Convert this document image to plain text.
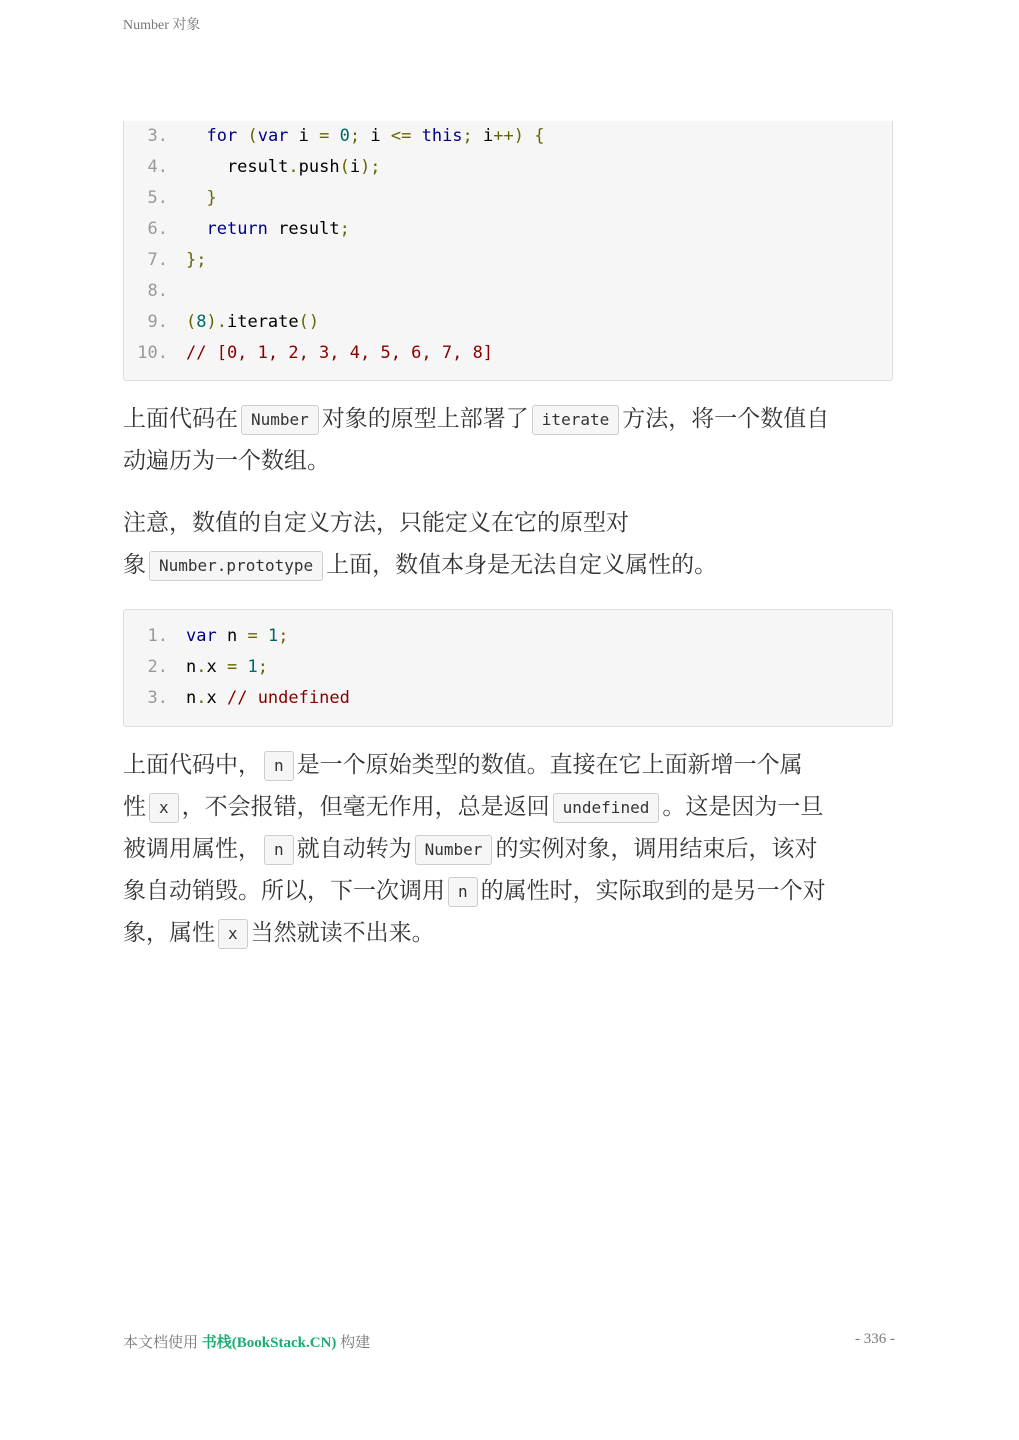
Number 对象
3.	for (var i = 0; i <= this; i++) {
4. result.push(i);
5.	}
6.	return result;
7. };
8.
9. (8).iterate()
10. // [0, 1, 2, 3, 4, 5, 6, 7, 8]

上面代码在 Number 对象的原型上部署了 iterate 方法，将一个数值自
动遍历为一个数组。

注意，数值的自定义方法，只能定义在它的原型对
象 Number.prototype 上面，数值本身是无法自定义属性的。

1. var n = 1;
2. n.x = 1;
3. n.x // undefined

上面代码中， n 是一个原始类型的数值。直接在它上面新增一个属
性 x ，不会报错，但毫无作用，总是返回 undefined 。这是因为一旦
被调用属性， n 就自动转为 Number 的实例对象，调用结束后，该对
象自动销毁。所以，下一次调用 n 的属性时，实际取到的是另一个对
象，属性 x 当然就读不出来。

本文档使用 书栈(BookStack.CN) 构建	- 336 -
